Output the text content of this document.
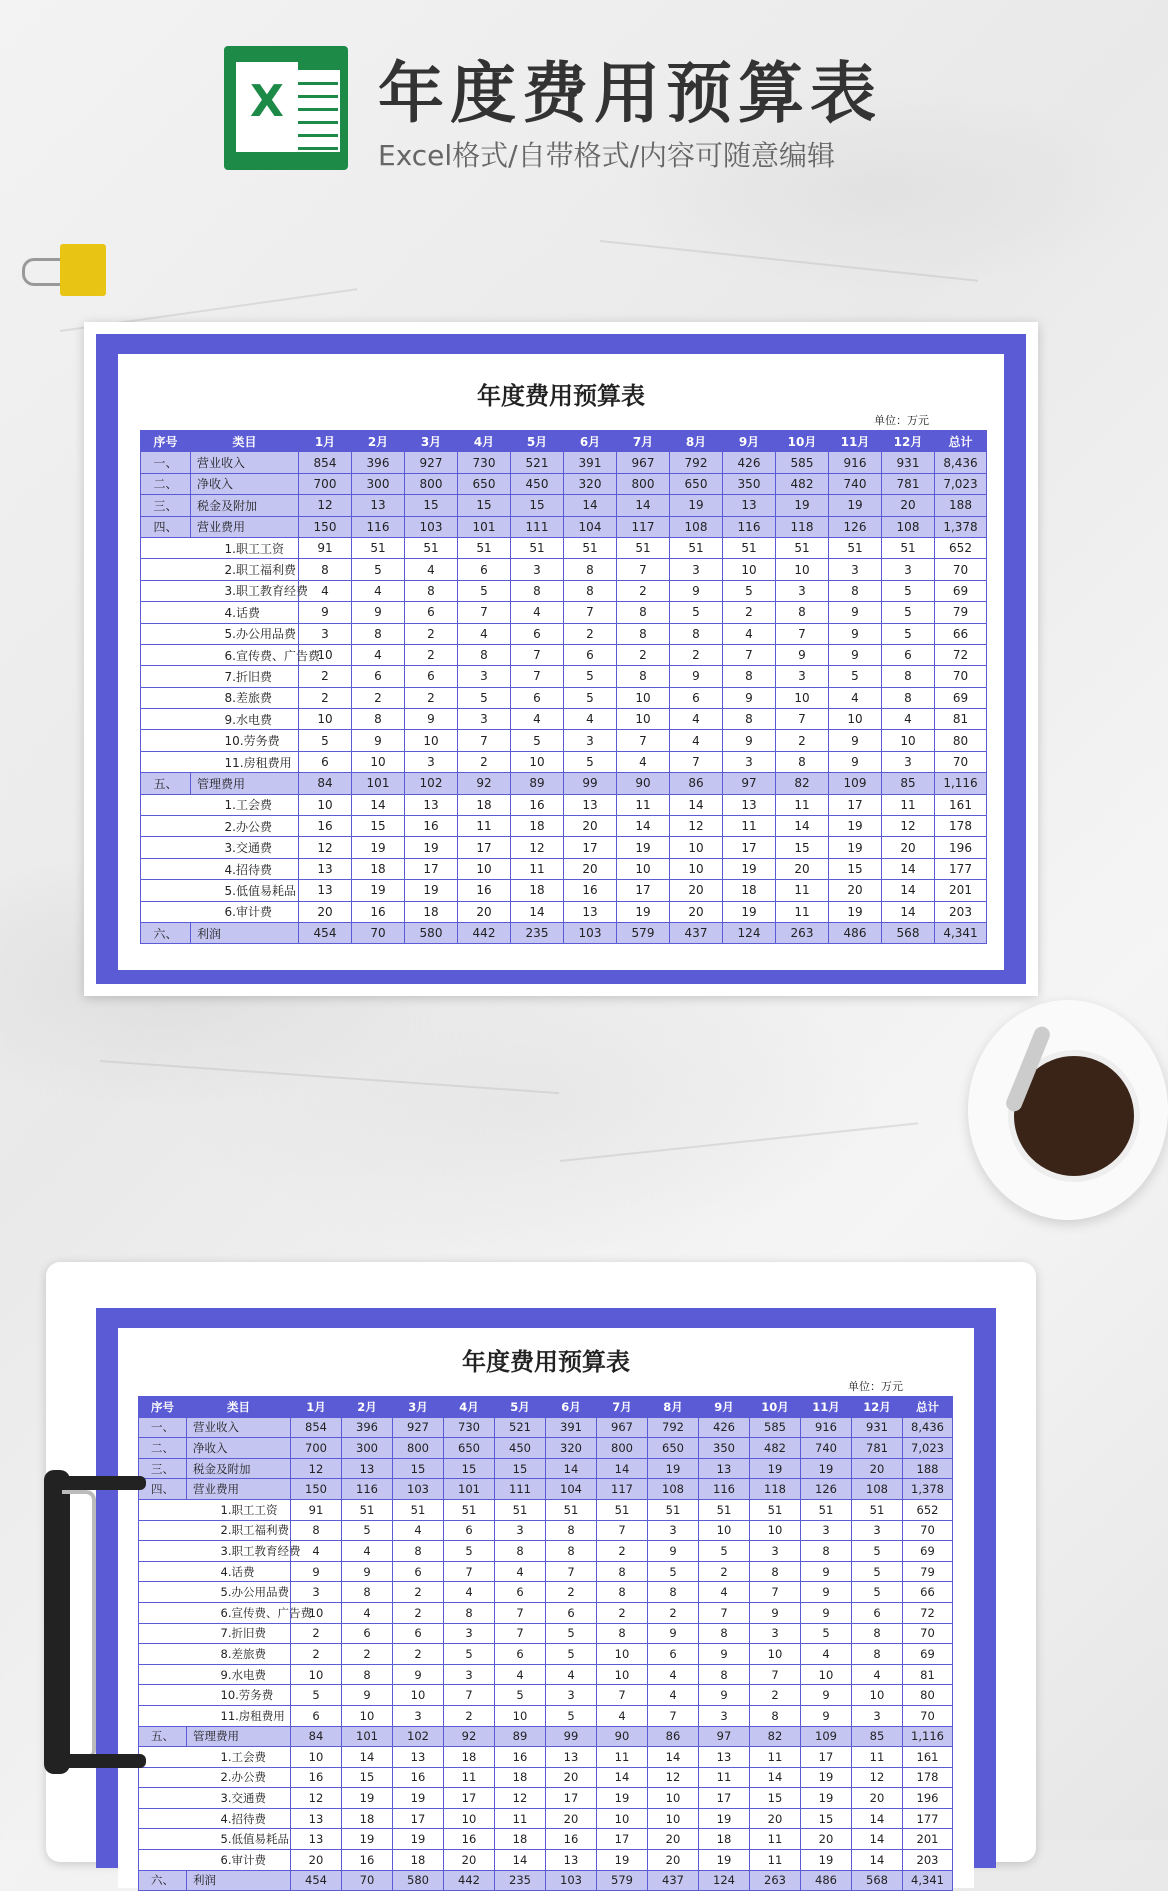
X 年度费用预算表
Excel格式/自带格式/内容可随意编辑
年度费用预算表
单位：万元
序号	类目	1月	2月	3月	4月	5月	6月	7月	8月	9月	10月	11月	12月	总计
一、	营业收入	854	396	927	730	521	391	967	792	426	585	916	931	8,436
二、	净收入	700	300	800	650	450	320	800	650	350	482	740	781	7,023
三、	税金及附加	12	13	15	15	15	14	14	19	13	19	19	20	188
四、	营业费用	150	116	103	101	111	104	117	108	116	118	126	108	1,378
	1.职工工资	91	51	51	51	51	51	51	51	51	51	51	51	652
	2.职工福利费	8	5	4	6	3	8	7	3	10	10	3	3	70
	3.职工教育经费	4	4	8	5	8	8	2	9	5	3	8	5	69
	4.话费	9	9	6	7	4	7	8	5	2	8	9	5	79
	5.办公用品费	3	8	2	4	6	2	8	8	4	7	9	5	66
	6.宣传费、广告费	10	4	2	8	7	6	2	2	7	9	9	6	72
	7.折旧费	2	6	6	3	7	5	8	9	8	3	5	8	70
	8.差旅费	2	2	2	5	6	5	10	6	9	10	4	8	69
	9.水电费	10	8	9	3	4	4	10	4	8	7	10	4	81
	10.劳务费	5	9	10	7	5	3	7	4	9	2	9	10	80
	11.房租费用	6	10	3	2	10	5	4	7	3	8	9	3	70
五、	管理费用	84	101	102	92	89	99	90	86	97	82	109	85	1,116
	1.工会费	10	14	13	18	16	13	11	14	13	11	17	11	161
	2.办公费	16	15	16	11	18	20	14	12	11	14	19	12	178
	3.交通费	12	19	19	17	12	17	19	10	17	15	19	20	196
	4.招待费	13	18	17	10	11	20	10	10	19	20	15	14	177
	5.低值易耗品	13	19	19	16	18	16	17	20	18	11	20	14	201
	6.审计费	20	16	18	20	14	13	19	20	19	11	19	14	203
六、	利润	454	70	580	442	235	103	579	437	124	263	486	568	4,341
年度费用预算表
单位：万元
序号	类目	1月	2月	3月	4月	5月	6月	7月	8月	9月	10月	11月	12月	总计
一、	营业收入	854	396	927	730	521	391	967	792	426	585	916	931	8,436
二、	净收入	700	300	800	650	450	320	800	650	350	482	740	781	7,023
三、	税金及附加	12	13	15	15	15	14	14	19	13	19	19	20	188
四、	营业费用	150	116	103	101	111	104	117	108	116	118	126	108	1,378
	1.职工工资	91	51	51	51	51	51	51	51	51	51	51	51	652
	2.职工福利费	8	5	4	6	3	8	7	3	10	10	3	3	70
	3.职工教育经费	4	4	8	5	8	8	2	9	5	3	8	5	69
	4.话费	9	9	6	7	4	7	8	5	2	8	9	5	79
	5.办公用品费	3	8	2	4	6	2	8	8	4	7	9	5	66
	6.宣传费、广告费	10	4	2	8	7	6	2	2	7	9	9	6	72
	7.折旧费	2	6	6	3	7	5	8	9	8	3	5	8	70
	8.差旅费	2	2	2	5	6	5	10	6	9	10	4	8	69
	9.水电费	10	8	9	3	4	4	10	4	8	7	10	4	81
	10.劳务费	5	9	10	7	5	3	7	4	9	2	9	10	80
	11.房租费用	6	10	3	2	10	5	4	7	3	8	9	3	70
五、	管理费用	84	101	102	92	89	99	90	86	97	82	109	85	1,116
	1.工会费	10	14	13	18	16	13	11	14	13	11	17	11	161
	2.办公费	16	15	16	11	18	20	14	12	11	14	19	12	178
	3.交通费	12	19	19	17	12	17	19	10	17	15	19	20	196
	4.招待费	13	18	17	10	11	20	10	10	19	20	15	14	177
	5.低值易耗品	13	19	19	16	18	16	17	20	18	11	20	14	201
	6.审计费	20	16	18	20	14	13	19	20	19	11	19	14	203
六、	利润	454	70	580	442	235	103	579	437	124	263	486	568	4,341
